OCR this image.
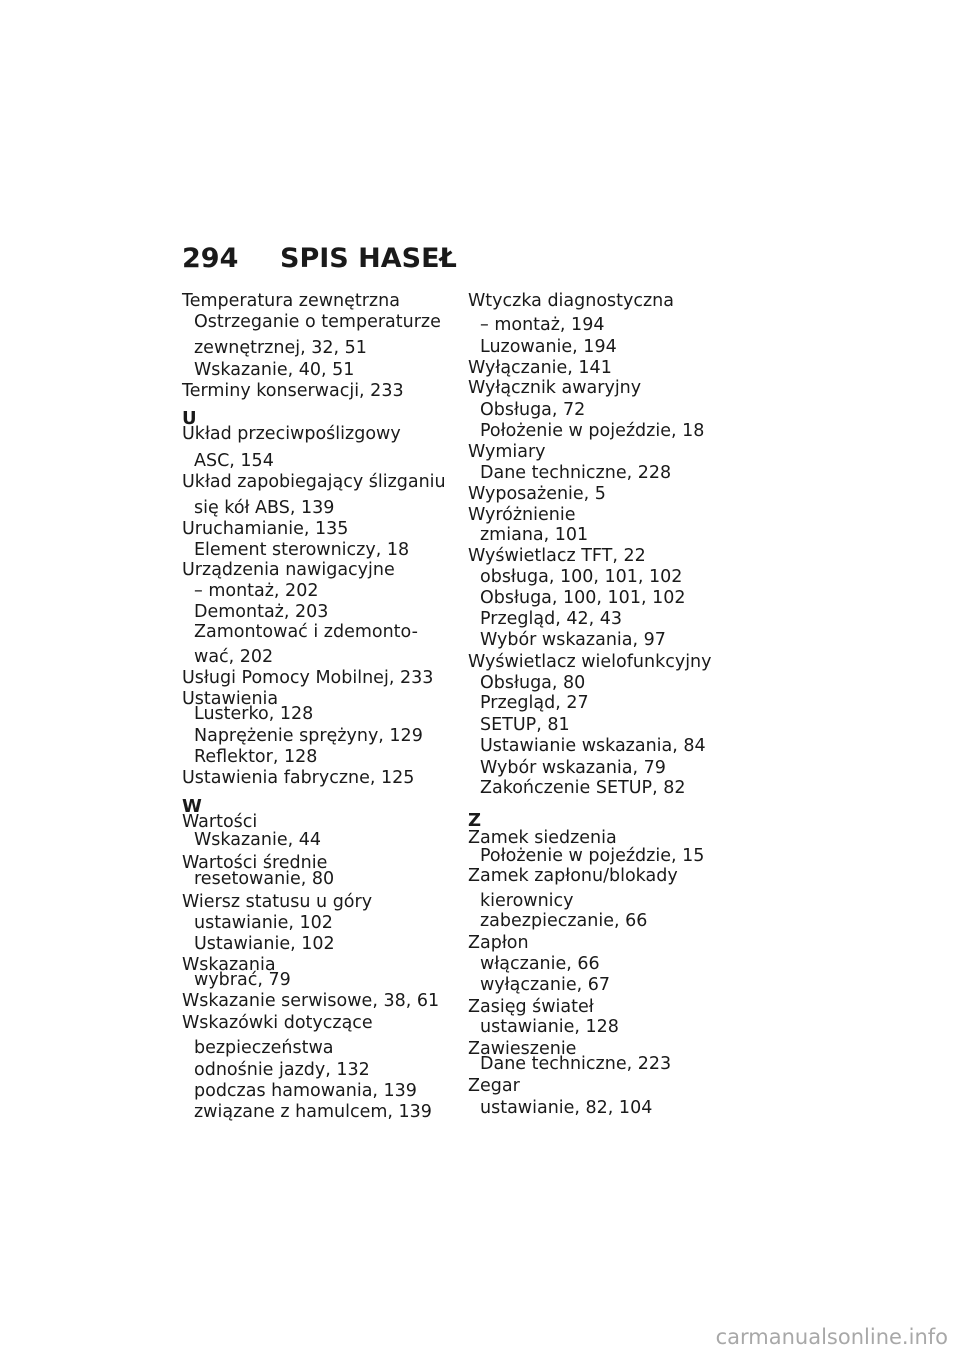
294 SPIS HASEŁ
Temperatura zewnętrzna
Ostrzeganie o temperaturze
zewnętrznej, 32, 51
Wskazanie, 40, 51
Terminy konserwacji, 233
U
Układ przeciwpoślizgowy
ASC, 154
Układ zapobiegający ślizganiu
się kół ABS, 139
Uruchamianie, 135
Element sterowniczy, 18
Urządzenia nawigacyjne
– montaż, 202
Demontaż, 203
Zamontować i zdemonto-
wać, 202
Usługi Pomocy Mobilnej, 233
Ustawienia
Lusterko, 128
Naprężenie sprężyny, 129
Reflektor, 128
Ustawienia fabryczne, 125
W
Wartości
Wskazanie, 44
Wartości średnie
resetowanie, 80
Wiersz statusu u góry
ustawianie, 102
Ustawianie, 102
Wskazania
wybrać, 79
Wskazanie serwisowe, 38, 61
Wskazówki dotyczące
bezpieczeństwa
odnośnie jazdy, 132
podczas hamowania, 139
związane z hamulcem, 139
Wtyczka diagnostyczna
– montaż, 194
Luzowanie, 194
Wyłączanie, 141
Wyłącznik awaryjny
Obsługa, 72
Położenie w pojeździe, 18
Wymiary
Dane techniczne, 228
Wyposażenie, 5
Wyróżnienie
zmiana, 101
Wyświetlacz TFT, 22
obsługa, 100, 101, 102
Obsługa, 100, 101, 102
Przegląd, 42, 43
Wybór wskazania, 97
Wyświetlacz wielofunkcyjny
Obsługa, 80
Przegląd, 27
SETUP, 81
Ustawianie wskazania, 84
Wybór wskazania, 79
Zakończenie SETUP, 82
Z
Zamek siedzenia
Położenie w pojeździe, 15
Zamek zapłonu/blokady
kierownicy
zabezpieczanie, 66
Zapłon
włączanie, 66
wyłączanie, 67
Zasięg świateł
ustawianie, 128
Zawieszenie
Dane techniczne, 223
Zegar
ustawianie, 82, 104
carmanualsonline.info
